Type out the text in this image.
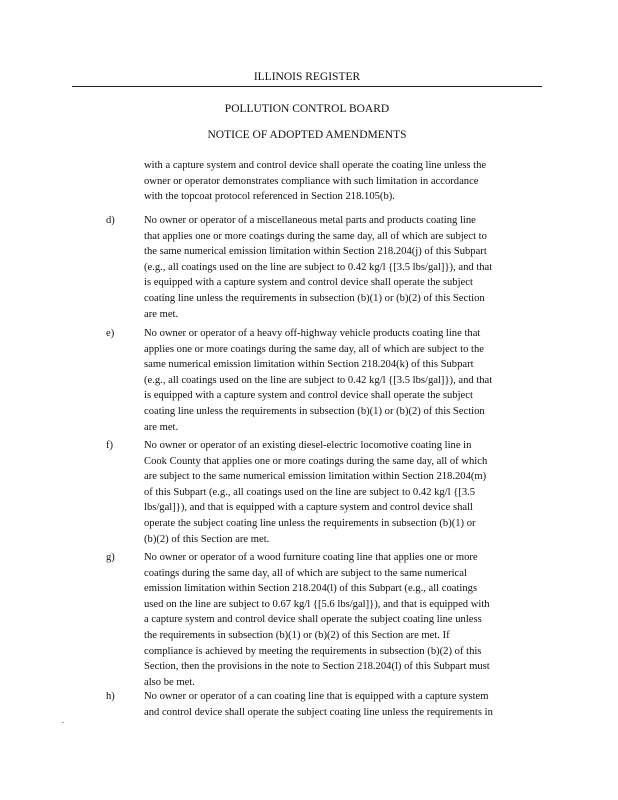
ILLINOIS REGISTER
POLLUTION CONTROL BOARD
NOTICE OF ADOPTED AMENDMENTS
with a capture system and control device shall operate the coating line unless the
owner or operator demonstrates compliance with such limitation in accordance
with the topcoat protocol referenced in Section 218.105(b).
d)	No owner or operator of a miscellaneous metal parts and products coating line
that applies one or more coatings during the same day, all of which are subject to
the same numerical emission limitation within Section 218.204(j) of this Subpart
(e.g., all coatings used on the line are subject to 0.42 kg/l {[3.5 lbs/gal]}), and that
is equipped with a capture system and control device shall operate the subject
coating line unless the requirements in subsection (b)(1) or (b)(2) of this Section
are met.
e)	No owner or operator of a heavy off-highway vehicle products coating line that
applies one or more coatings during the same day, all of which are subject to the
same numerical emission limitation within Section 218.204(k) of this Subpart
(e.g., all coatings used on the line are subject to 0.42 kg/l {[3.5 lbs/gal]}), and that
is equipped with a capture system and control device shall operate the subject
coating line unless the requirements in subsection (b)(1) or (b)(2) of this Section
are met.
f)	No owner or operator of an existing diesel-electric locomotive coating line in
Cook County that applies one or more coatings during the same day, all of which
are subject to the same numerical emission limitation within Section 218.204(m)
of this Subpart (e.g., all coatings used on the line are subject to 0.42 kg/l {[3.5
lbs/gal]}), and that is equipped with a capture system and control device shall
operate the subject coating line unless the requirements in subsection (b)(1) or
(b)(2) of this Section are met.
g)	No owner or operator of a wood furniture coating line that applies one or more
coatings during the same day, all of which are subject to the same numerical
emission limitation within Section 218.204(l) of this Subpart (e.g., all coatings
used on the line are subject to 0.67 kg/l {[5.6 lbs/gal]}), and that is equipped with
a capture system and control device shall operate the subject coating line unless
the requirements in subsection (b)(1) or (b)(2) of this Section are met. If
compliance is achieved by meeting the requirements in subsection (b)(2) of this
Section, then the provisions in the note to Section 218.204(l) of this Subpart must
also be met.
h)	No owner or operator of a can coating line that is equipped with a capture system
and control device shall operate the subject coating line unless the requirements in
.
